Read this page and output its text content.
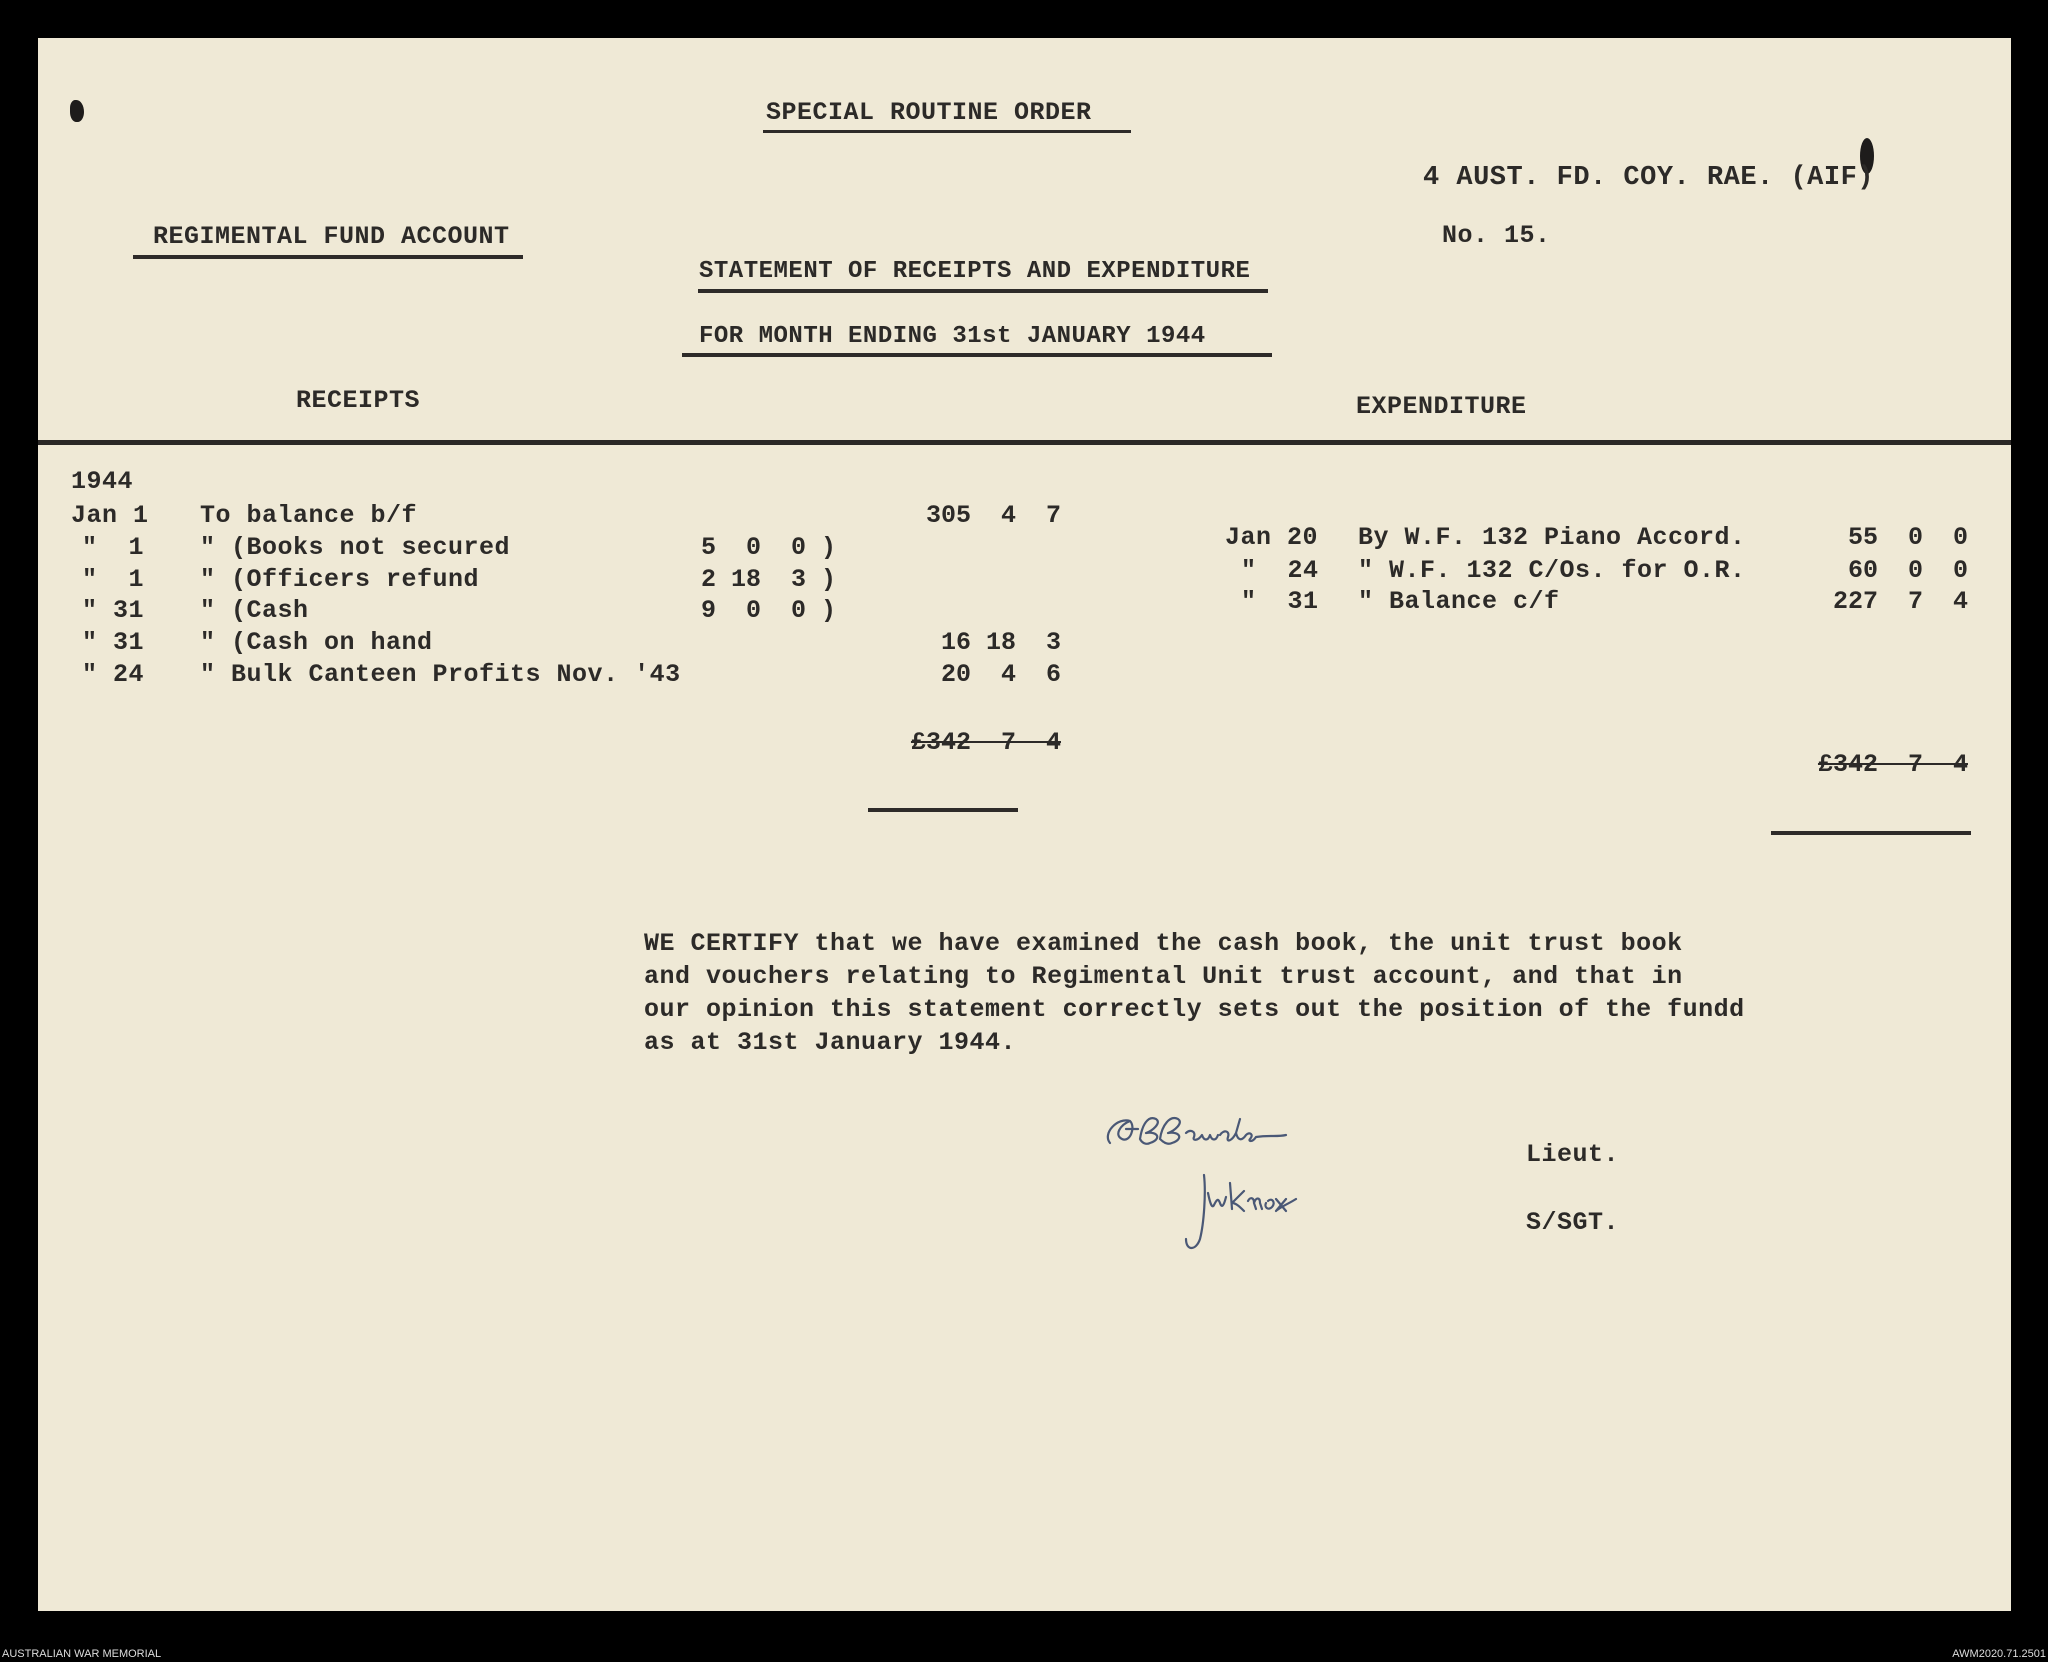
SPECIAL ROUTINE ORDER
4 AUST. FD. COY. RAE. (AIF)
No. 15.
REGIMENTAL FUND ACCOUNT
STATEMENT OF RECEIPTS AND EXPENDITURE
FOR MONTH ENDING 31st JANUARY 1944
RECEIPTS	EXPENDITURE
1944
Jan 1 To balance b/f	305  4  7
"  1 " (Books not secured	5  0  0 )
"  1 " (Officers refund	2 18  3 )
" 31 " (Cash	9  0  0 )
" 31 " (Cash on hand	16 18  3
" 24 " Bulk Canteen Profits Nov. '43	20  4  6
£342  7  4
Jan 20 By W.F. 132 Piano Accord.	55  0  0
"  24 " W.F. 132 C/Os. for O.R.	60  0  0
"  31 " Balance c/f	227  7  4
£342  7  4
WE CERTIFY that we have examined the cash book, the unit trust book
and vouchers relating to Regimental Unit trust account, and that in
our opinion this statement correctly sets out the position of the fundd
as at 31st January 1944.
Lieut.
S/SGT.
AUSTRALIAN WAR MEMORIAL	AWM2020.71.2501
